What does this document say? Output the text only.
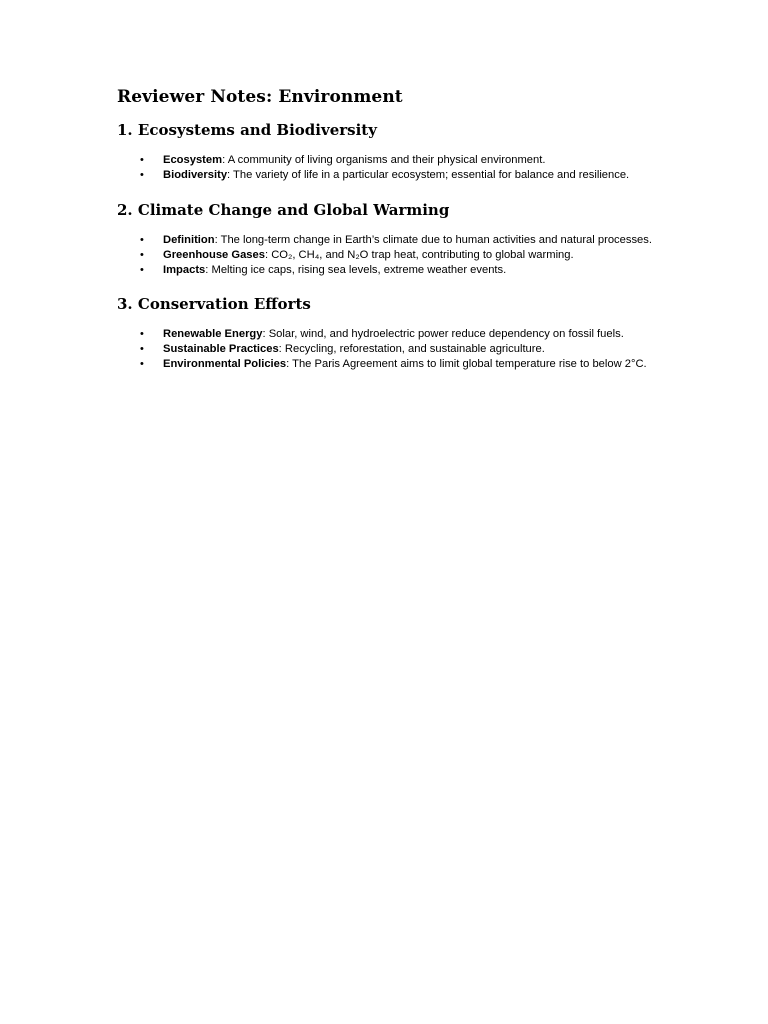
Reviewer Notes: Environment
1. Ecosystems and Biodiversity
• Ecosystem: A community of living organisms and their physical environment.
• Biodiversity: The variety of life in a particular ecosystem; essential for balance and resilience.
2. Climate Change and Global Warming
• Definition: The long-term change in Earth’s climate due to human activities and natural processes.
• Greenhouse Gases: CO₂, CH₄, and N₂O trap heat, contributing to global warming.
• Impacts: Melting ice caps, rising sea levels, extreme weather events.
3. Conservation Efforts
• Renewable Energy: Solar, wind, and hydroelectric power reduce dependency on fossil fuels.
• Sustainable Practices: Recycling, reforestation, and sustainable agriculture.
• Environmental Policies: The Paris Agreement aims to limit global temperature rise to below 2°C.
